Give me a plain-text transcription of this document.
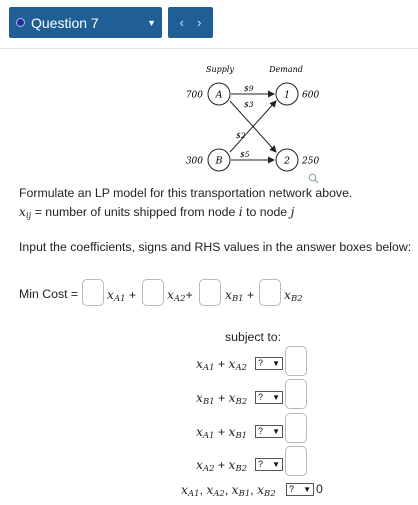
Question 7	▼ ‹ ›
Supply	Demand
$9
$3
$2
$5
A
B
1
2
700
300
600
250
Formulate an LP model for this transportation network above.
xij = number of units shipped from node i to node j
Input the coefficients, signs and RHS values in the answer boxes below:
Min Cost = xA1 +	xA2+	xB1 + xB2
subject to:
xA1 + xA2	? ▼
xB1 + xB2	? ▼
xA1 + xB1	? ▼
xA2 + xB2	? ▼
xA1, xA2, xB1, xB2	? ▼ 0
